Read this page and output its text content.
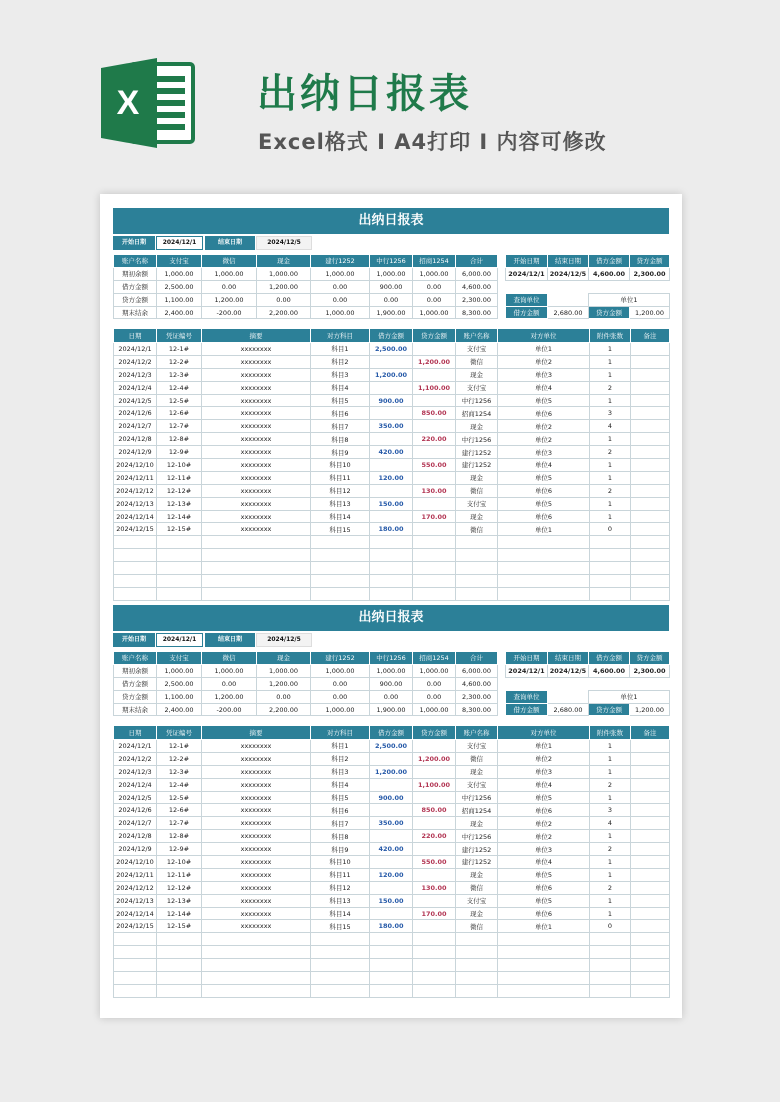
X	出纳日报表
Excel格式 I A4打印 I 内容可修改
出纳日报表
开始日期	2024/12/1	结束日期	2024/12/5
账户名称	支付宝	微信	现金	建行1252	中行1256	招商1254	合计
期初余额	1,000.00	1,000.00	1,000.00	1,000.00	1,000.00	1,000.00	6,000.00
借方金额	2,500.00	0.00	1,200.00	0.00	900.00	0.00	4,600.00
贷方金额	1,100.00	1,200.00	0.00	0.00	0.00	0.00	2,300.00
期末结余	2,400.00	-200.00	2,200.00	1,000.00	1,900.00	1,000.00	8,300.00
开始日期	结束日期	借方金额	贷方金额
2024/12/1	2024/12/5	4,600.00	2,300.00

查询单位		单位1	
借方金额	2,680.00	贷方金额	1,200.00
日期	凭证编号	摘要	对方科目	借方金额	贷方金额	账户名称	对方单位	附件张数	备注
2024/12/1	12-1#	xxxxxxxx	科目1	2,500.00		支付宝	单位1	1	
2024/12/2	12-2#	xxxxxxxx	科目2		1,200.00	微信	单位2	1	
2024/12/3	12-3#	xxxxxxxx	科目3	1,200.00		现金	单位3	1	
2024/12/4	12-4#	xxxxxxxx	科目4		1,100.00	支付宝	单位4	2	
2024/12/5	12-5#	xxxxxxxx	科目5	900.00		中行1256	单位5	1	
2024/12/6	12-6#	xxxxxxxx	科目6		850.00	招商1254	单位6	3	
2024/12/7	12-7#	xxxxxxxx	科目7	350.00		现金	单位2	4	
2024/12/8	12-8#	xxxxxxxx	科目8		220.00	中行1256	单位2	1	
2024/12/9	12-9#	xxxxxxxx	科目9	420.00		建行1252	单位3	2	
2024/12/10	12-10#	xxxxxxxx	科目10		550.00	建行1252	单位4	1	
2024/12/11	12-11#	xxxxxxxx	科目11	120.00		现金	单位5	1	
2024/12/12	12-12#	xxxxxxxx	科目12		130.00	微信	单位6	2	
2024/12/13	12-13#	xxxxxxxx	科目13	150.00		支付宝	单位5	1	
2024/12/14	12-14#	xxxxxxxx	科目14		170.00	现金	单位6	1	
2024/12/15	12-15#	xxxxxxxx	科目15	180.00		微信	单位1	0	

出纳日报表
开始日期	2024/12/1	结束日期	2024/12/5
账户名称	支付宝	微信	现金	建行1252	中行1256	招商1254	合计
期初余额	1,000.00	1,000.00	1,000.00	1,000.00	1,000.00	1,000.00	6,000.00
借方金额	2,500.00	0.00	1,200.00	0.00	900.00	0.00	4,600.00
贷方金额	1,100.00	1,200.00	0.00	0.00	0.00	0.00	2,300.00
期末结余	2,400.00	-200.00	2,200.00	1,000.00	1,900.00	1,000.00	8,300.00
开始日期	结束日期	借方金额	贷方金额
2024/12/1	2024/12/5	4,600.00	2,300.00

查询单位		单位1	
借方金额	2,680.00	贷方金额	1,200.00
日期	凭证编号	摘要	对方科目	借方金额	贷方金额	账户名称	对方单位	附件张数	备注
2024/12/1	12-1#	xxxxxxxx	科目1	2,500.00		支付宝	单位1	1	
2024/12/2	12-2#	xxxxxxxx	科目2		1,200.00	微信	单位2	1	
2024/12/3	12-3#	xxxxxxxx	科目3	1,200.00		现金	单位3	1	
2024/12/4	12-4#	xxxxxxxx	科目4		1,100.00	支付宝	单位4	2	
2024/12/5	12-5#	xxxxxxxx	科目5	900.00		中行1256	单位5	1	
2024/12/6	12-6#	xxxxxxxx	科目6		850.00	招商1254	单位6	3	
2024/12/7	12-7#	xxxxxxxx	科目7	350.00		现金	单位2	4	
2024/12/8	12-8#	xxxxxxxx	科目8		220.00	中行1256	单位2	1	
2024/12/9	12-9#	xxxxxxxx	科目9	420.00		建行1252	单位3	2	
2024/12/10	12-10#	xxxxxxxx	科目10		550.00	建行1252	单位4	1	
2024/12/11	12-11#	xxxxxxxx	科目11	120.00		现金	单位5	1	
2024/12/12	12-12#	xxxxxxxx	科目12		130.00	微信	单位6	2	
2024/12/13	12-13#	xxxxxxxx	科目13	150.00		支付宝	单位5	1	
2024/12/14	12-14#	xxxxxxxx	科目14		170.00	现金	单位6	1	
2024/12/15	12-15#	xxxxxxxx	科目15	180.00		微信	单位1	0	
